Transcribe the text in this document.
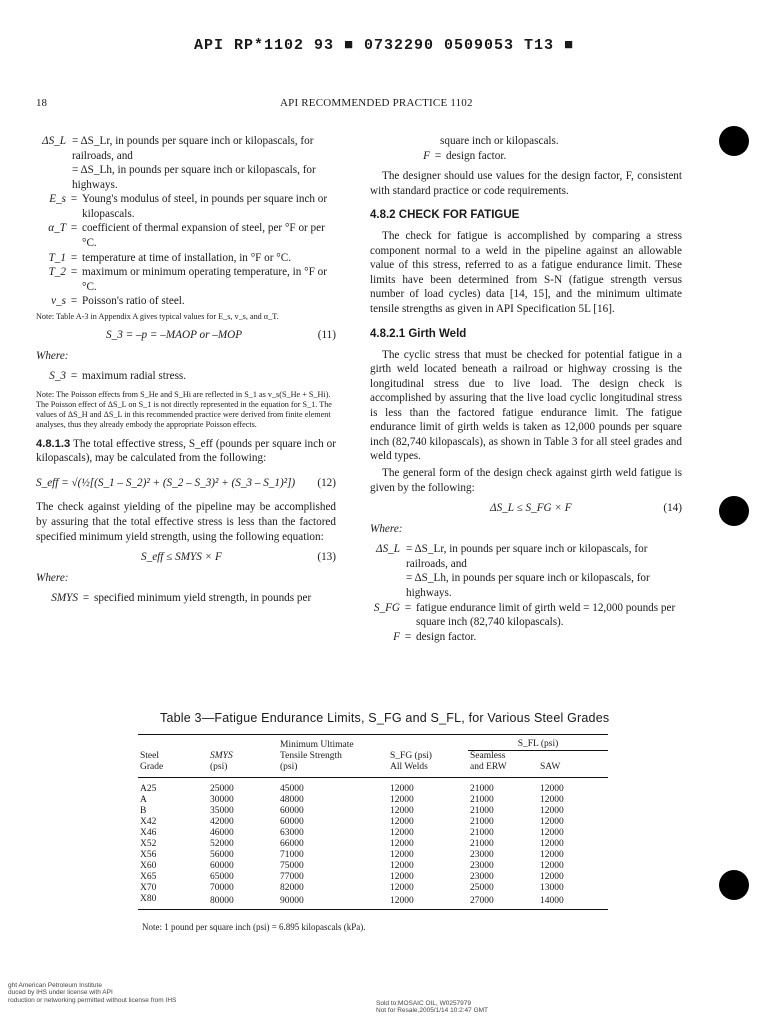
API RP*1102 93 ■ 0732290 0509053 T13 ■
18	API RECOMMENDED PRACTICE 1102
ΔS_L = ΔS_Lr, in pounds per square inch or kilopascals, for railroads, and
= ΔS_Lh, in pounds per square inch or kilopascals, for highways.
E_s = Young's modulus of steel, in pounds per square inch or kilopascals.
α_T = coefficient of thermal expansion of steel, per °F or per °C.
T_1 = temperature at time of installation, in °F or °C.
T_2 = maximum or minimum operating temperature, in °F or °C.
v_s = Poisson's ratio of steel.
Note: Table A-3 in Appendix A gives typical values for E_s, v_s, and α_T.
S_3 = –p = –MAOP or –MOP	(11)
Where:
S_3 = maximum radial stress.
Note: The Poisson effects from S_He and S_Hi are reflected in S_1 as v_s(S_He + S_Hi). The Poisson effect of ΔS_L on S_1 is not directly represented in the equation for S_1. The values of ΔS_H and ΔS_L in this recommended practice were derived from finite element analyses, thus they already embody the appropriate Poisson effects.
4.8.1.3 The total effective stress, S_eff (pounds per square inch or kilopascals), may be calculated from the following:
S_eff = √(½[(S_1 – S_2)² + (S_2 – S_3)² + (S_3 – S_1)²]) (12)
The check against yielding of the pipeline may be accomplished by assuring that the total effective stress is less than the factored specified minimum yield strength, using the following equation:
S_eff ≤ SMYS × F	(13)
Where:
SMYS = specified minimum yield strength, in pounds per
square inch or kilopascals.
F = design factor.
The designer should use values for the design factor, F, consistent with standard practice or code requirements.
4.8.2 CHECK FOR FATIGUE
The check for fatigue is accomplished by comparing a stress component normal to a weld in the pipeline against an allowable value of this stress, referred to as a fatigue endurance limit. These limits have been determined from S-N (fatigue strength versus number of load cycles) data [14, 15], and the minimum ultimate tensile strengths as given in API Specification 5L [16].
4.8.2.1 Girth Weld
The cyclic stress that must be checked for potential fatigue in a girth weld located beneath a railroad or highway crossing is the longitudinal stress due to live load. The design check is accomplished by assuring that the live load cyclic longitudinal stress is less than the factored fatigue endurance limit. The fatigue endurance limit of girth welds is taken as 12,000 pounds per square inch (82,740 kilopascals), as shown in Table 3 for all steel grades and weld types.
The general form of the design check against girth weld fatigue is given by the following:
ΔS_L ≤ S_FG × F	(14)
Where:
ΔS_L = ΔS_Lr, in pounds per square inch or kilopascals, for railroads, and
= ΔS_Lh, in pounds per square inch or kilopascals, for highways.
S_FG = fatigue endurance limit of girth weld = 12,000 pounds per square inch (82,740 kilopascals).
F = design factor.
Table 3—Fatigue Endurance Limits, S_FG and S_FL, for Various Steel Grades
		Minimum Ultimate		S_FL (psi)	
Steel	SMYS	Tensile Strength	S_FG (psi)	Seamless	
Grade	(psi)	(psi)	All Welds	and ERW	SAW

A25	25000	45000	12000	21000	12000
A	30000	48000	12000	21000	12000
B	35000	60000	12000	21000	12000
X42	42000	60000	12000	21000	12000
X46	46000	63000	12000	21000	12000
X52	52000	66000	12000	21000	12000
X56	56000	71000	12000	23000	12000
X60	60000	75000	12000	23000	12000
X65	65000	77000	12000	23000	12000
X70	70000	82000	12000	25000	13000
X80	80000	90000	12000	27000	14000
Note: 1 pound per square inch (psi) = 6.895 kilopascals (kPa).
ght American Petroleum Institute
duced by IHS under license with API
roduction or networking permitted without license from IHS	Sold to:MOSAIC OIL, W0257979
Not for Resale,2005/1/14 10:2:47 GMT
